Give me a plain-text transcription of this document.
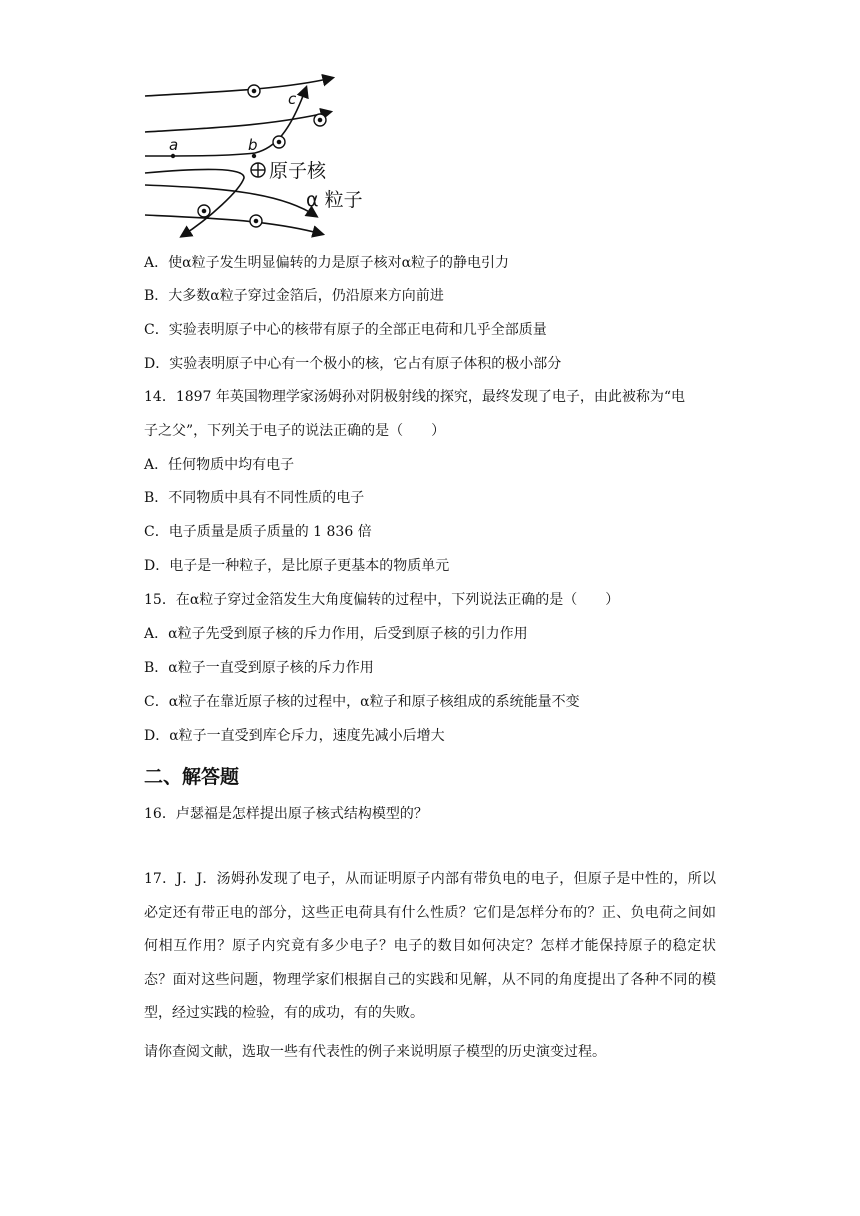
a	b
c
原子核
α 粒子
A．使α粒子发生明显偏转的力是原子核对α粒子的静电引力
B．大多数α粒子穿过金箔后，仍沿原来方向前进
C．实验表明原子中心的核带有原子的全部正电荷和几乎全部质量
D．实验表明原子中心有一个极小的核，它占有原子体积的极小部分
14．1897 年英国物理学家汤姆孙对阴极射线的探究，最终发现了电子，由此被称为“电
子之父”，下列关于电子的说法正确的是（　　）
A．任何物质中均有电子
B．不同物质中具有不同性质的电子
C．电子质量是质子质量的 1 836 倍
D．电子是一种粒子，是比原子更基本的物质单元
15．在α粒子穿过金箔发生大角度偏转的过程中，下列说法正确的是（　　）
A．α粒子先受到原子核的斥力作用，后受到原子核的引力作用
B．α粒子一直受到原子核的斥力作用
C．α粒子在靠近原子核的过程中，α粒子和原子核组成的系统能量不变
D．α粒子一直受到库仑斥力，速度先减小后增大
二、解答题
16．卢瑟福是怎样提出原子核式结构模型的？
17．J．J．汤姆孙发现了电子，从而证明原子内部有带负电的电子，但原子是中性的，所以必定还有带正电的部分，这些正电荷具有什么性质？它们是怎样分布的？正、负电荷之间如何相互作用？原子内究竟有多少电子？电子的数目如何决定？怎样才能保持原子的稳定状态？面对这些问题，物理学家们根据自己的实践和见解，从不同的角度提出了各种不同的模型，经过实践的检验，有的成功，有的失败。
请你查阅文献，选取一些有代表性的例子来说明原子模型的历史演变过程。
